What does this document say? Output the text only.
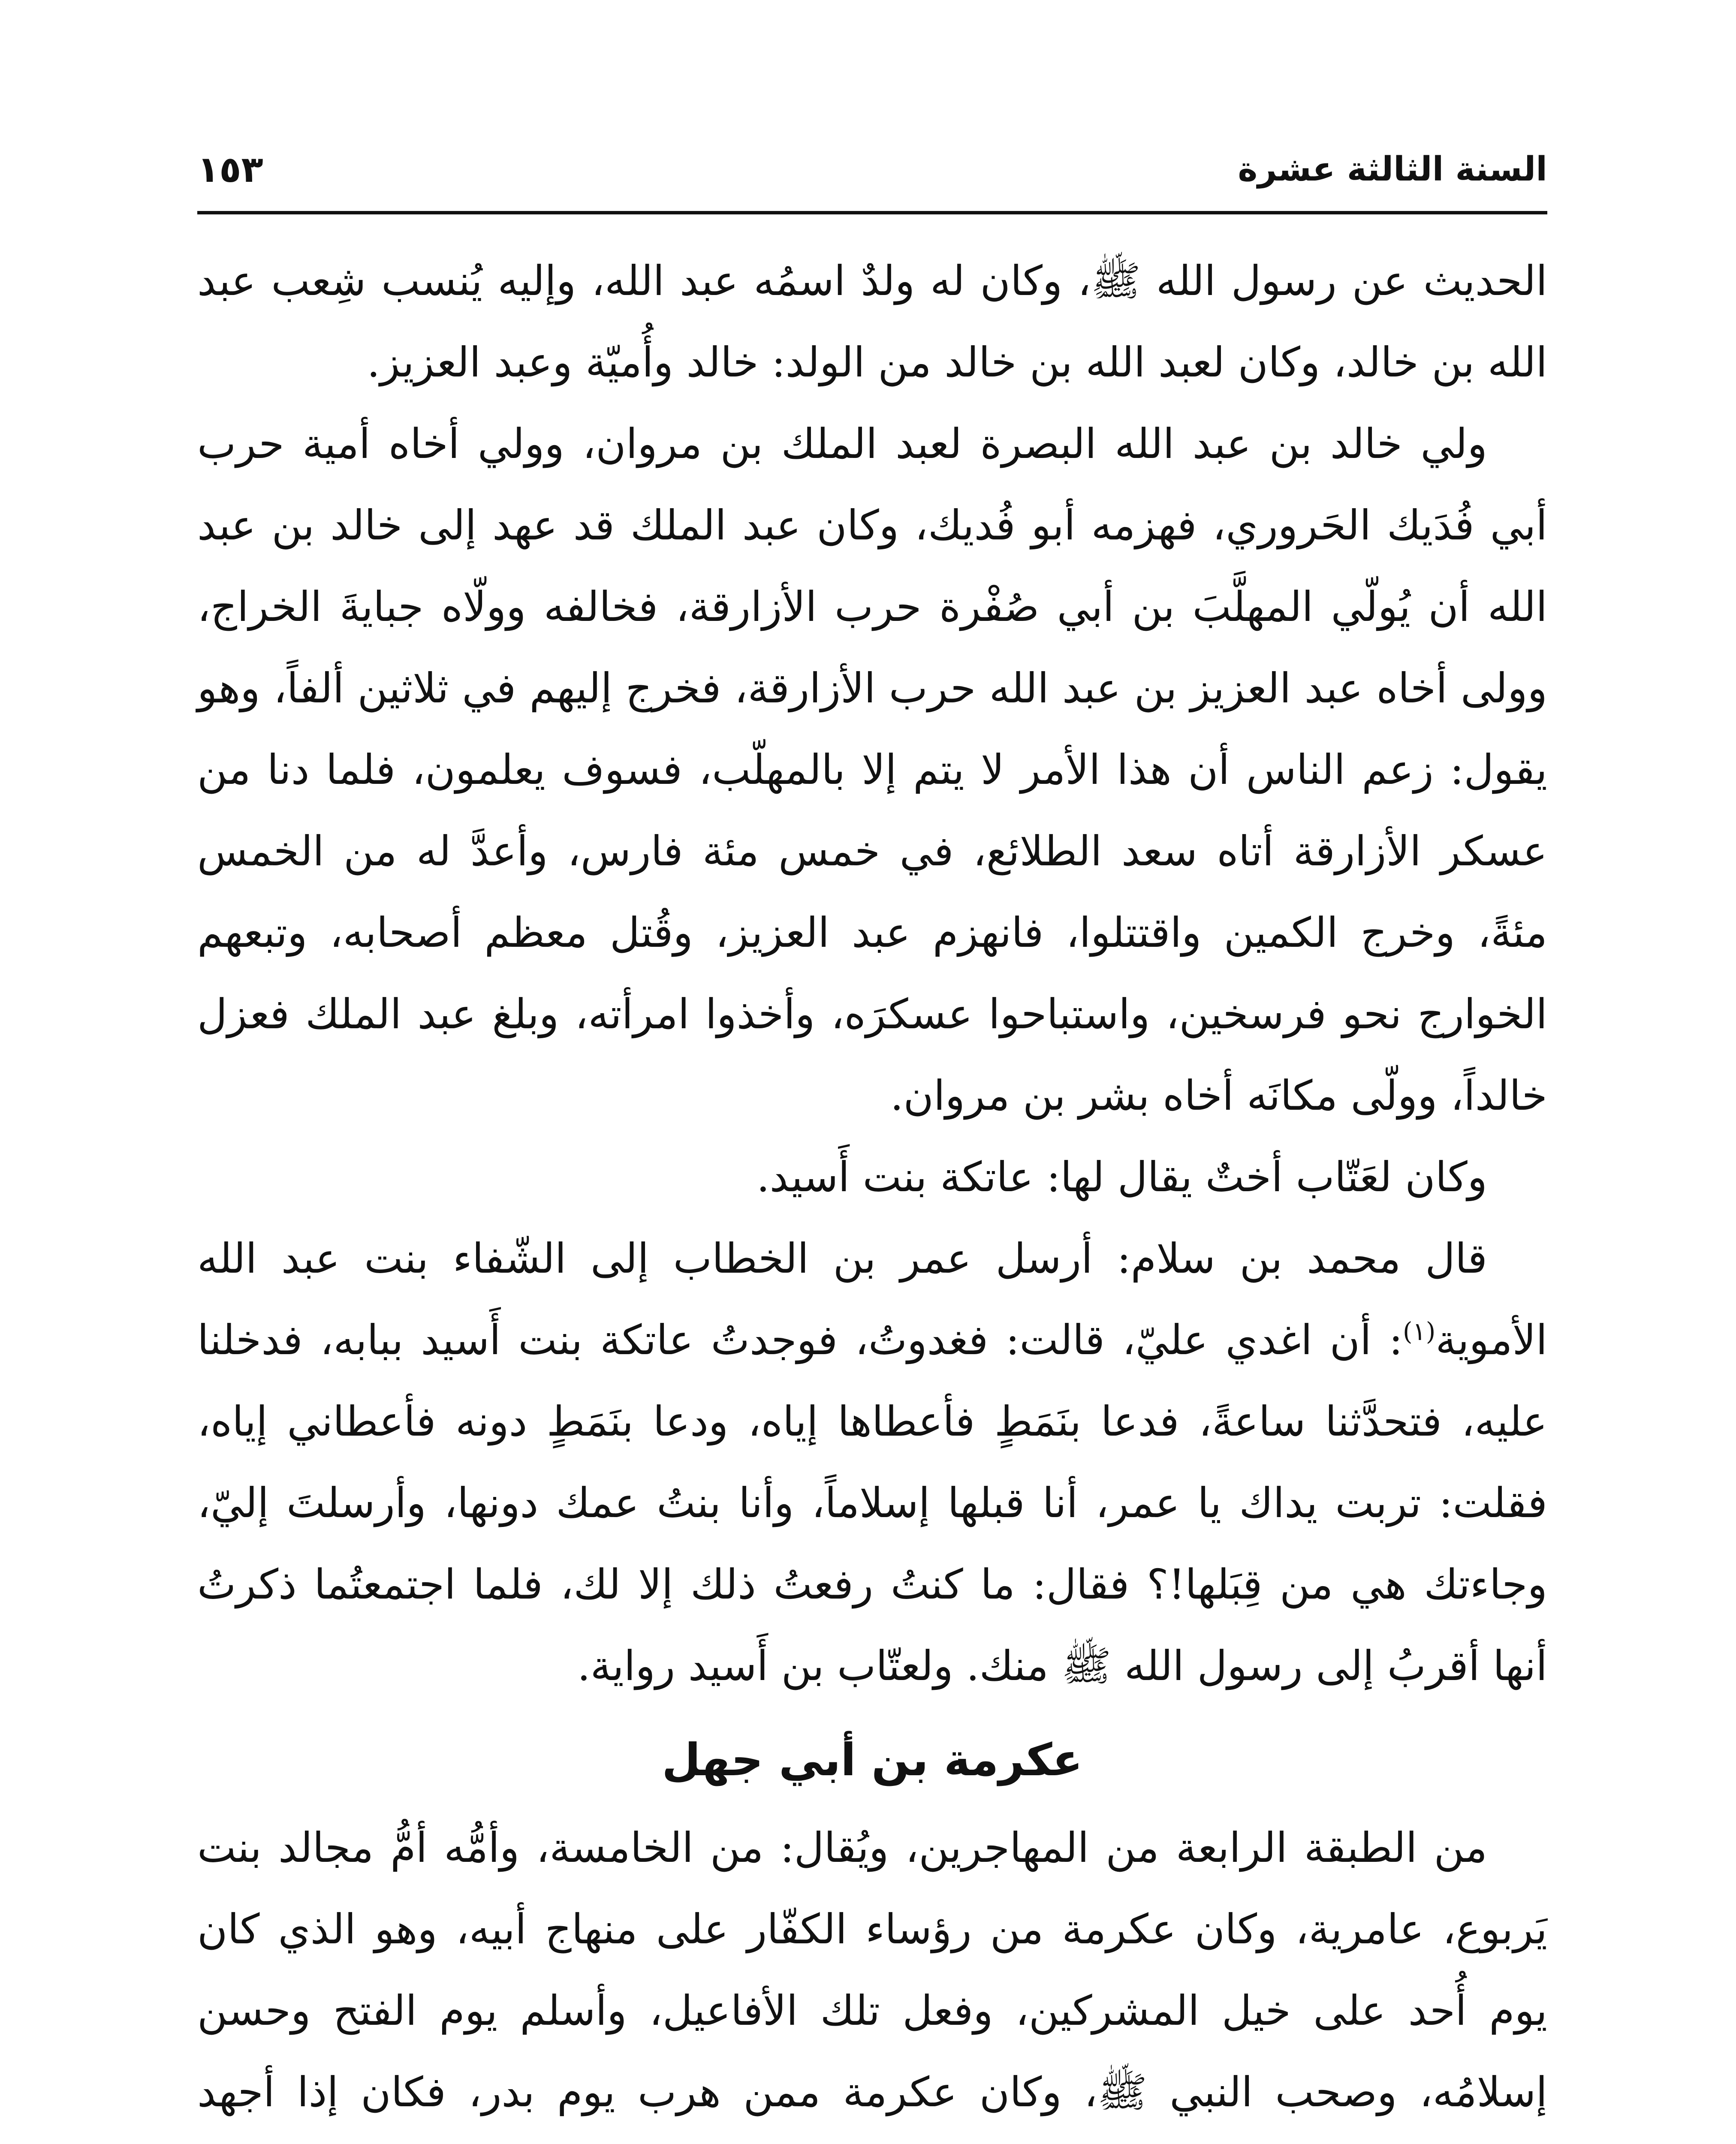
السنة الثالثة عشرة
١٥٣

الحديث عن رسول الله ﷺ، وكان له ولدٌ اسمُه عبد الله، وإليه يُنسب شِعب عبد الله بن خالد، وكان لعبد الله بن خالد من الولد: خالد وأُميّة وعبد العزيز.

ولي خالد بن عبد الله البصرة لعبد الملك بن مروان، وولي أخاه أمية حرب أبي فُدَيك الحَروري، فهزمه أبو فُديك، وكان عبد الملك قد عهد إلى خالد بن عبد الله أن يُولّي المهلَّبَ بن أبي صُفْرة حرب الأزارقة، فخالفه وولّاه جبايةَ الخراج، وولى أخاه عبد العزيز بن عبد الله حرب الأزارقة، فخرج إليهم في ثلاثين ألفاً، وهو يقول: زعم الناس أن هذا الأمر لا يتم إلا بالمهلّب، فسوف يعلمون، فلما دنا من عسكر الأزارقة أتاه سعد الطلائع، في خمس مئة فارس، وأعدَّ له من الخمس مئةً، وخرج الكمين واقتتلوا، فانهزم عبد العزيز، وقُتل معظم أصحابه، وتبعهم الخوارج نحو فرسخين، واستباحوا عسكرَه، وأخذوا امرأته، وبلغ عبد الملك فعزل خالداً، وولّى مكانَه أخاه بشر بن مروان.

وكان لعَتّاب أختٌ يقال لها: عاتكة بنت أَسيد.

قال محمد بن سلام: أرسل عمر بن الخطاب إلى الشّفاء بنت عبد الله الأموية$^{(١)}$: أن اغدي عليّ، قالت: فغدوتُ، فوجدتُ عاتكة بنت أَسيد ببابه، فدخلنا عليه، فتحدَّثنا ساعةً، فدعا بنَمَطٍ فأعطاها إياه، ودعا بنَمَطٍ دونه فأعطاني إياه، فقلت: تربت يداك يا عمر، أنا قبلها إسلاماً، وأنا بنتُ عمك دونها، وأرسلتَ إليّ، وجاءتك هي من قِبَلها!؟ فقال: ما كنتُ رفعتُ ذلك إلا لك، فلما اجتمعتُما ذكرتُ أنها أقربُ إلى رسول الله ﷺ منك. ولعتّاب بن أَسيد رواية.

عكرمة بن أبي جهل

من الطبقة الرابعة من المهاجرين، ويُقال: من الخامسة، وأمُّه أمُّ مجالد بنت يَربوع، عامرية، وكان عكرمة من رؤساء الكفّار على منهاج أبيه، وهو الذي كان يوم أُحد على خيل المشركين، وفعل تلك الأفاعيل، وأسلم يوم الفتح وحسن إسلامُه، وصحب النبي ﷺ، وكان عكرمة ممن هرب يوم بدر، فكان إذا أجهد
